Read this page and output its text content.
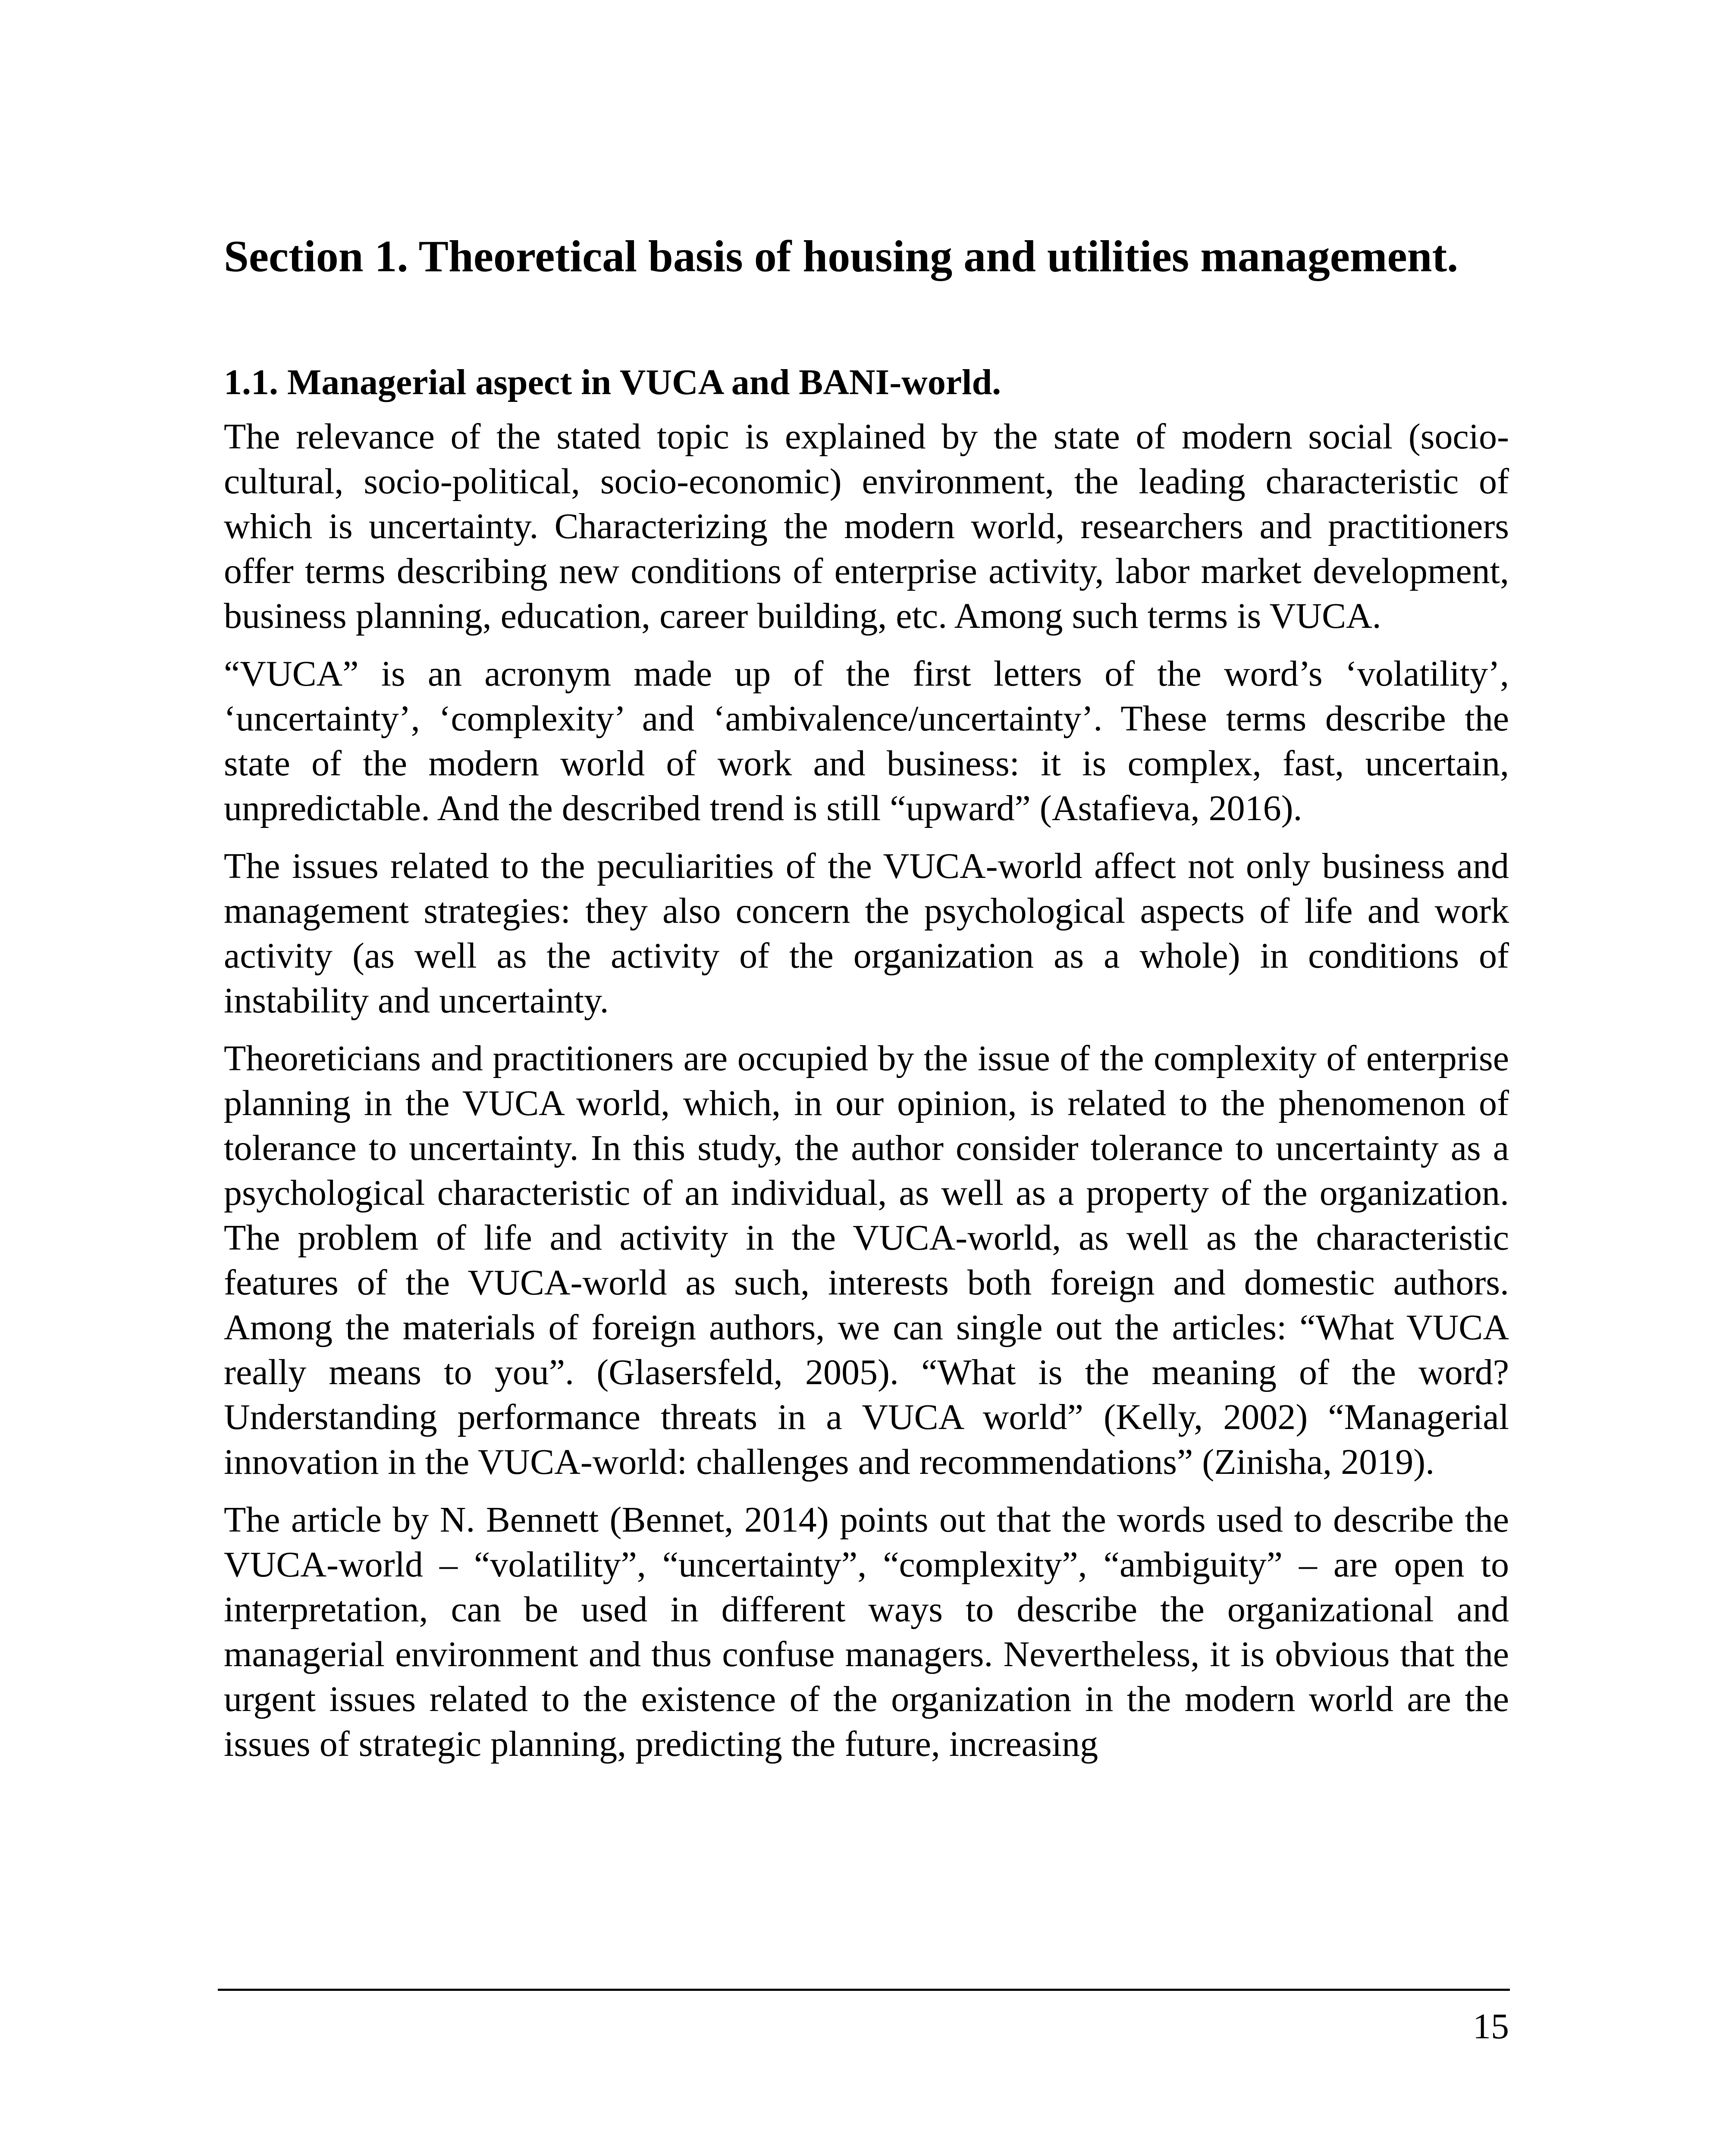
Section 1. Theoretical basis of housing and utilities management.
1.1. Managerial aspect in VUCA and BANI-world.

The relevance of the stated topic is explained by the state of modern social (socio-cultural, socio-political, socio-economic) environment, the leading characteristic of which is uncertainty. Characterizing the modern world, researchers and practitioners offer terms describing new conditions of enterprise activity, labor market development, business planning, education, career building, etc. Among such terms is VUCA.

“VUCA” is an acronym made up of the first letters of the word’s ‘volatility’, ‘uncertainty’, ‘complexity’ and ‘ambivalence/uncertainty’. These terms describe the state of the modern world of work and business: it is complex, fast, uncertain, unpredictable. And the described trend is still “upward” (Astafieva, 2016).

The issues related to the peculiarities of the VUCA-world affect not only business and management strategies: they also concern the psychological aspects of life and work activity (as well as the activity of the organization as a whole) in conditions of instability and uncertainty.

Theoreticians and practitioners are occupied by the issue of the complexity of enterprise planning in the VUCA world, which, in our opinion, is related to the phenomenon of tolerance to uncertainty. In this study, the author consider tolerance to uncertainty as a psychological characteristic of an individual, as well as a property of the organization. The problem of life and activity in the VUCA-world, as well as the characteristic features of the VUCA-world as such, interests both foreign and domestic authors. Among the materials of foreign authors, we can single out the articles: “What VUCA really means to you”. (Glasersfeld, 2005). “What is the meaning of the word? Understanding performance threats in a VUCA world” (Kelly, 2002) “Managerial innovation in the VUCA-world: challenges and recommendations” (Zinisha, 2019).

The article by N. Bennett (Bennet, 2014) points out that the words used to describe the VUCA-world – “volatility”, “uncertainty”, “complexity”, “ambiguity” – are open to interpretation, can be used in different ways to describe the organizational and managerial environment and thus confuse managers. Nevertheless, it is obvious that the urgent issues related to the existence of the organization in the modern world are the issues of strategic planning, predicting the future, increasing

15
